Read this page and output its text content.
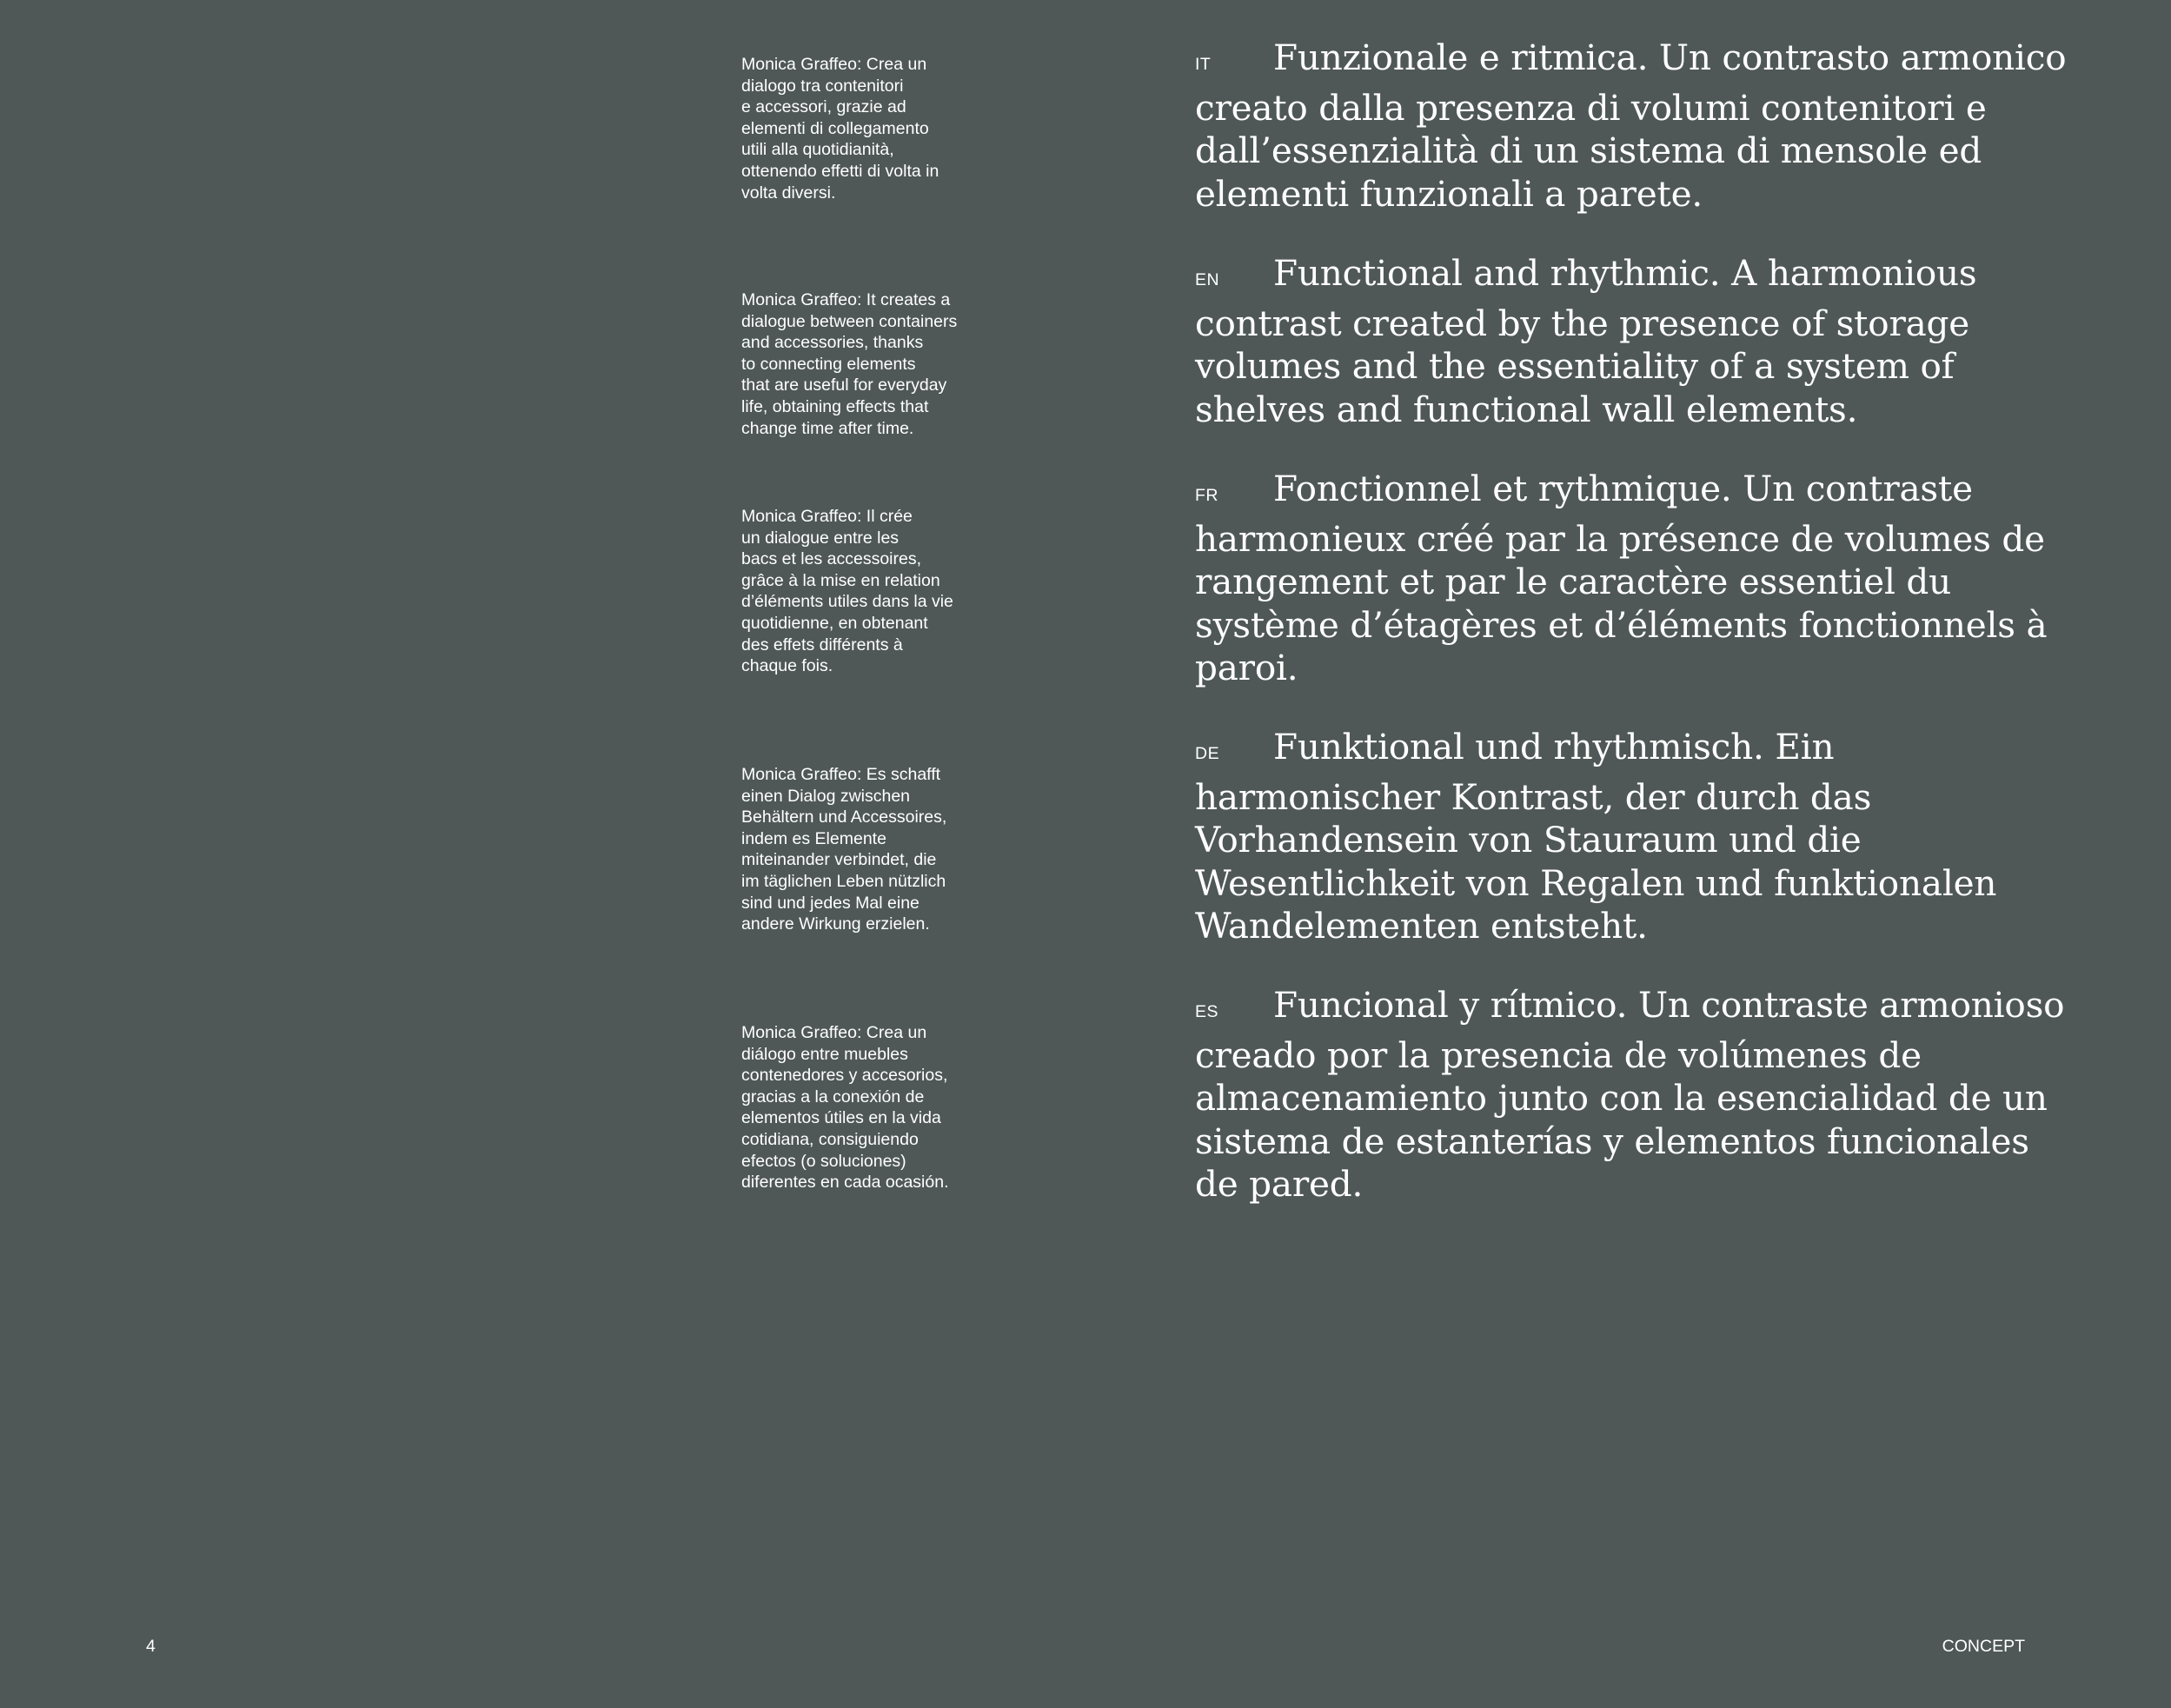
Monica Graffeo: Crea un
dialogo tra contenitori
e accessori, grazie ad
elementi di collegamento
utili alla quotidianità,
ottenendo effetti di volta in
volta diversi.

Monica Graffeo: It creates a
dialogue between containers
and accessories, thanks
to connecting elements
that are useful for everyday
life, obtaining effects that
change time after time.

Monica Graffeo: Il crée
un dialogue entre les
bacs et les accessoires,
grâce à la mise en relation
d’éléments utiles dans la vie
quotidienne, en obtenant
des effets différents à
chaque fois.

Monica Graffeo: Es schafft
einen Dialog zwischen
Behältern und Accessoires,
indem es Elemente
miteinander verbindet, die
im täglichen Leben nützlich
sind und jedes Mal eine
andere Wirkung erzielen.

Monica Graffeo: Crea un
diálogo entre muebles
contenedores y accesorios,
gracias a la conexión de
elementos útiles en la vida
cotidiana, consiguiendo
efectos (o soluciones)
diferentes en cada ocasión.

IT Funzionale e ritmica. Un contrasto armonico creato dalla presenza di volumi contenitori e dall’essenzialità di un sistema di mensole ed elementi funzionali a parete.

EN Functional and rhythmic. A harmonious contrast created by the presence of storage volumes and the essentiality of a system of shelves and functional wall elements.

FR Fonctionnel et rythmique. Un contraste harmonieux créé par la présence de volumes de rangement et par le caractère essentiel du système d’étagères et d’éléments fonctionnels à paroi.

DE Funktional und rhythmisch. Ein harmonischer Kontrast, der durch das Vorhandensein von Stauraum und die Wesentlichkeit von Regalen und funktionalen Wandelementen entsteht.

ES Funcional y rítmico. Un contraste armonioso creado por la presencia de volúmenes de almacenamiento junto con la esencialidad de un sistema de estanterías y elementos funcionales de pared.

4	CONCEPT
